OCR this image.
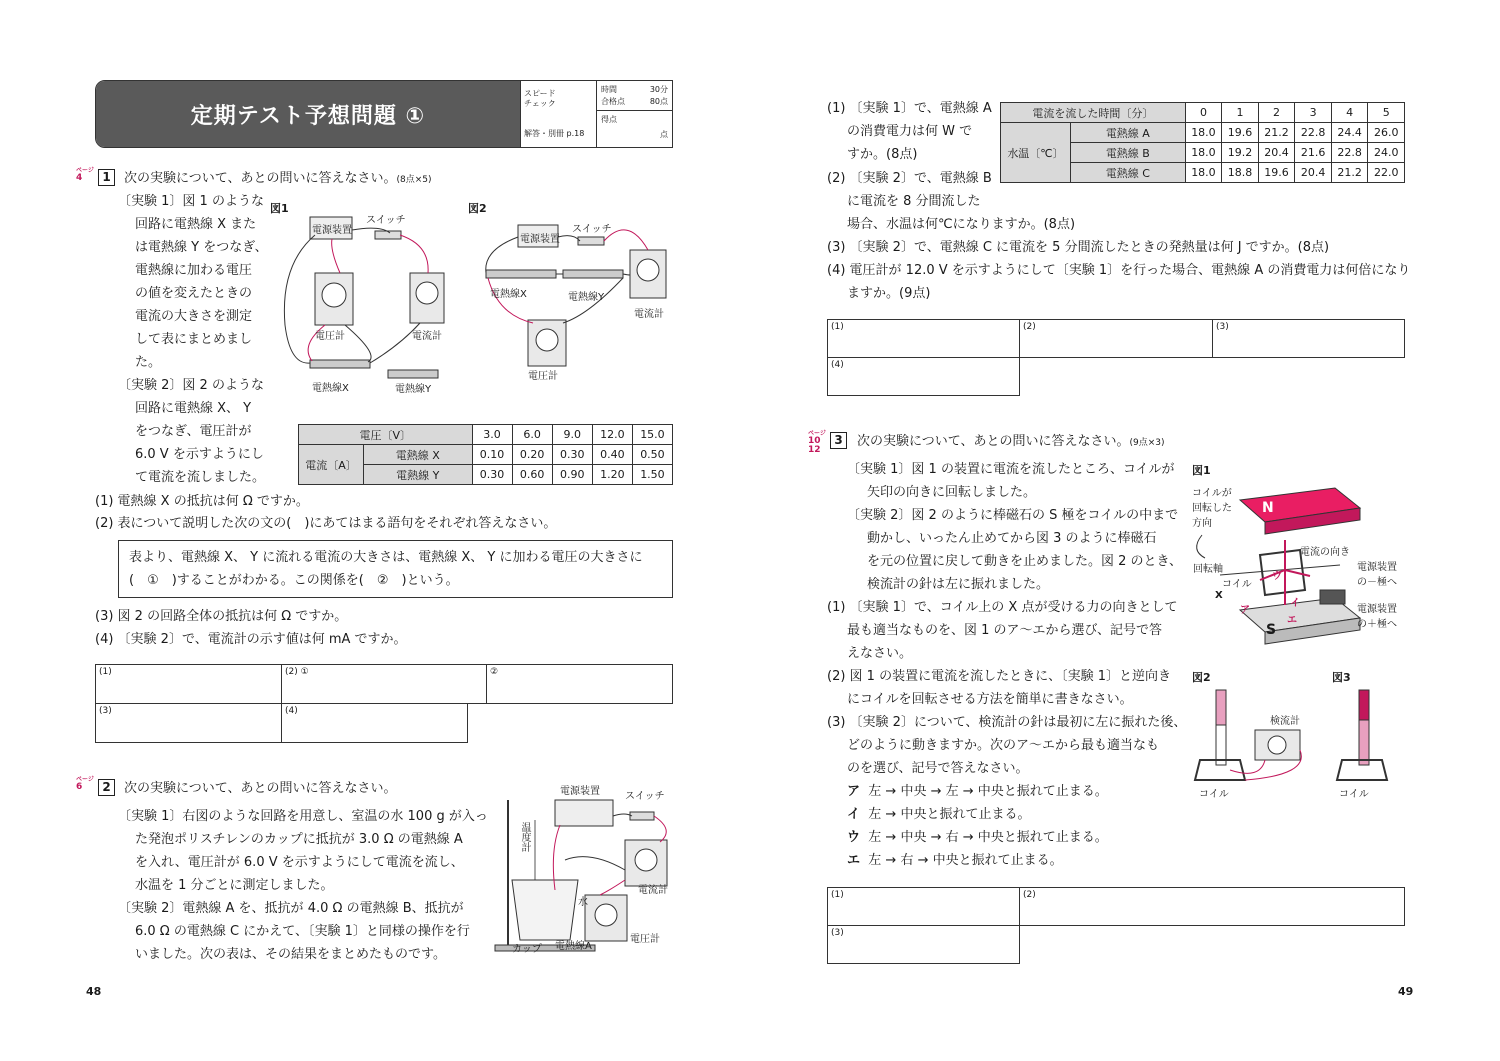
定期テスト予想問題 ①
スピード
チェック
解答・別冊 p.18
時間	30分
合格点	80点
得点
点
ページ
4	1	次の実験について、あとの問いに答えなさい。(8点×5)
〔実験 1〕図 1 のような
回路に電熱線 X また
は電熱線 Y をつなぎ、
電熱線に加わる電圧
の値を変えたときの
電流の大きさを測定
して表にまとめまし
た。
〔実験 2〕図 2 のような
回路に電熱線 X、 Y
をつなぎ、電圧計が
6.0 V を示すようにし
て電流を流しました。
図1
電源装置
スイッチ
電圧計	電流計
電熱線X	電熱線Y
図2
電源装置
スイッチ
電熱線X	電熱線Y
電流計
電圧計
電圧〔V〕		3.0	6.0	9.0	12.0	15.0
電流〔A〕	電熱線 X	0.10	0.20	0.30	0.40	0.50
	電熱線 Y	0.30	0.60	0.90	1.20	1.50
(1) 電熱線 X の抵抗は何 Ω ですか。
(2) 表について説明した次の文の(　)にあてはまる語句をそれぞれ答えなさい。
表より、電熱線 X、 Y に流れる電流の大きさは、電熱線 X、 Y に加わる電圧の大きさに
(　①　)することがわかる。この関係を(　②　)という。
(3) 図 2 の回路全体の抵抗は何 Ω ですか。
(4) 〔実験 2〕で、電流計の示す値は何 mA ですか。
(1)	(2) ①	②
(3)	(4)
ページ
6	2	次の実験について、あとの問いに答えなさい。
〔実験 1〕右図のような回路を用意し、室温の水 100 g が入っ
た発泡ポリスチレンのカップに抵抗が 3.0 Ω の電熱線 A
を入れ、電圧計が 6.0 V を示すようにして電流を流し、
水温を 1 分ごとに測定しました。
〔実験 2〕電熱線 A を、抵抗が 4.0 Ω の電熱線 B、抵抗が
6.0 Ω の電熱線 C にかえて、〔実験 1〕と同様の操作を行
いました。次の表は、その結果をまとめたものです。
電源装置	スイッチ
温度計
電流計
水
電圧計
カップ 電熱線A
48
(1) 〔実験 1〕で、電熱線 A
の消費電力は何 W で
すか。(8点)
(2) 〔実験 2〕で、電熱線 B
に電流を 8 分間流した
場合、水温は何℃になりますか。(8点)
(3) 〔実験 2〕で、電熱線 C に電流を 5 分間流したときの発熱量は何 J ですか。(8点)
(4) 電圧計が 12.0 V を示すようにして〔実験 1〕を行った場合、電熱線 A の消費電力は何倍になり
ますか。(9点)
電流を流した時間〔分〕		0	1	2	3	4	5
水温〔℃〕	電熱線 A	18.0	19.6	21.2	22.8	24.4	26.0
	電熱線 B	18.0	19.2	20.4	21.6	22.8	24.0
	電熱線 C	18.0	18.8	19.6	20.4	21.2	22.0
(1)	(2)	(3)
(4)
ページ
10
12
3	次の実験について、あとの問いに答えなさい。(9点×3)
〔実験 1〕図 1 の装置に電流を流したところ、コイルが
矢印の向きに回転しました。
〔実験 2〕図 2 のように棒磁石の S 極をコイルの中まで
動かし、いったん止めてから図 3 のように棒磁石
を元の位置に戻して動きを止めました。図 2 のとき、
検流計の針は左に振れました。
(1) 〔実験 1〕で、コイル上の X 点が受ける力の向きとして
最も適当なものを、図 1 のア〜エから選び、記号で答
えなさい。
(2) 図 1 の装置に電流を流したときに、〔実験 1〕と逆向き
にコイルを回転させる方法を簡単に書きなさい。
(3) 〔実験 2〕について、検流計の針は最初に左に振れた後、
どのように動きますか。次のア〜エから最も適当なも
のを選び、記号で答えなさい。
ア 左 → 中央 → 左 → 中央と振れて止まる。
イ 左 → 中央と振れて止まる。
ウ 左 → 中央 → 右 → 中央と振れて止まる。
エ 左 → 右 → 中央と振れて止まる。
図1
コイルが
回転した
方向
N
電流の向き
電源装置
の－極へ
回転軸
コイル
ウ
X
ア
イ
エ
電源装置
の＋極へ
S
図2	図3
検流計
コイル	コイル
(1)	(2)
(3)
49
